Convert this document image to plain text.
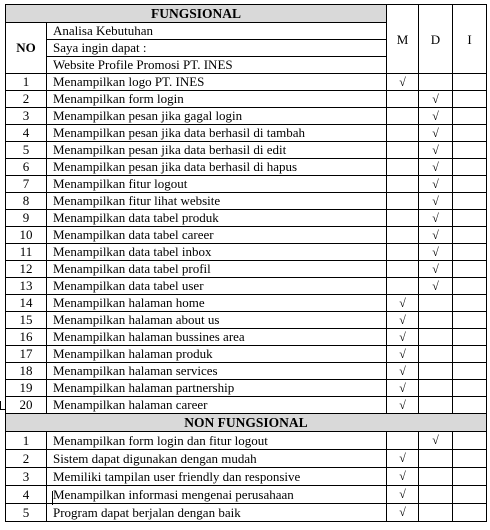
FUNGSIONAL		M	D	I
NO	Analisa Kebutuhan			
	Saya ingin dapat :			
	Website Profile Promosi PT. INES			
1	Menampilkan logo PT. INES	√		
2	Menampilkan form login		√	
3	Menampilkan pesan jika gagal login		√	
4	Menampilkan pesan jika data berhasil di tambah		√	
5	Menampilkan pesan jika data berhasil di edit		√	
6	Menampilkan pesan jika data berhasil di hapus		√	
7	Menampilkan fitur logout		√	
8	Menampilkan fitur lihat website		√	
9	Menampilkan data tabel produk		√	
10	Menampilkan data tabel career		√	
11	Menampilkan data tabel inbox		√	
12	Menampilkan data tabel profil		√	
13	Menampilkan data tabel user		√	
14	Menampilkan halaman home	√		
15	Menampilkan halaman about us	√		
16	Menampilkan halaman bussines area	√		
17	Menampilkan halaman produk	√		
18	Menampilkan halaman services	√		
19	Menampilkan halaman partnership	√		
20	Menampilkan halaman career	√		
NON FUNGSIONAL				
1	Menampilkan form login dan fitur logout		√	
2	Sistem dapat digunakan dengan mudah	√		
3	Memiliki tampilan user friendly dan responsive	√		
4	Menampilkan informasi mengenai perusahaan	√		
5	Program dapat berjalan dengan baik	√		
